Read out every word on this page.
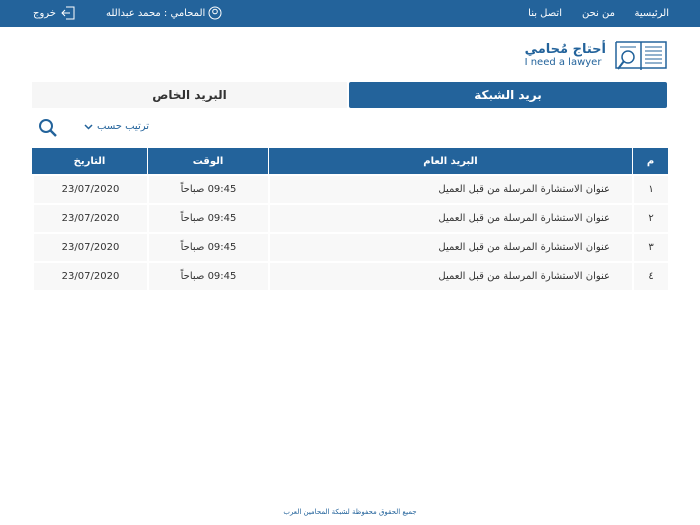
الرئيسية
من نحن
اتصل بنا
المحامي : محمد عبدالله
خروج
أحتاج مُحامي
I need a lawyer
بريد الشبكة
البريد الخاص
ترتيب حسب
م	البريد العام	الوقت	التاريخ
١	عنوان الاستشارة المرسلة من قبل العميل	09:45 صباحاً	23/07/2020
٢	عنوان الاستشارة المرسلة من قبل العميل	09:45 صباحاً	23/07/2020
٣	عنوان الاستشارة المرسلة من قبل العميل	09:45 صباحاً	23/07/2020
٤	عنوان الاستشارة المرسلة من قبل العميل	09:45 صباحاً	23/07/2020
جميع الحقوق محفوظة لشبكة المحامين العرب
